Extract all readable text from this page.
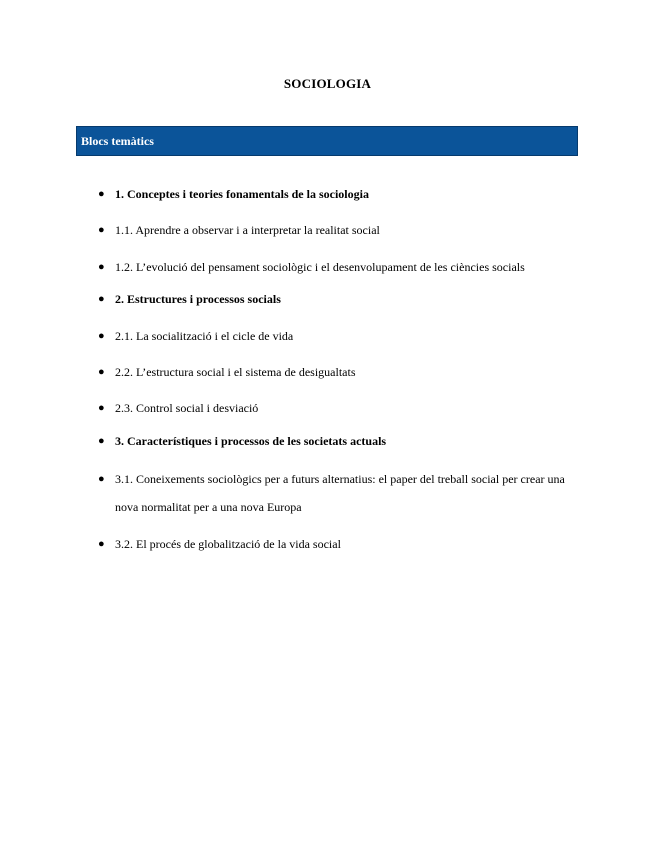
SOCIOLOGIA
Blocs temàtics
● 1. Conceptes i teories fonamentals de la sociologia
● 1.1. Aprendre a observar i a interpretar la realitat social
● 1.2. L’evolució del pensament sociològic i el desenvolupament de les ciències socials
● 2. Estructures i processos socials
● 2.1. La socialització i el cicle de vida
● 2.2. L’estructura social i el sistema de desigualtats
● 2.3. Control social i desviació
● 3. Característiques i processos de les societats actuals
● 3.1. Coneixements sociològics per a futurs alternatius: el paper del treball social per crear una nova normalitat per a una nova Europa
● 3.2. El procés de globalització de la vida social
